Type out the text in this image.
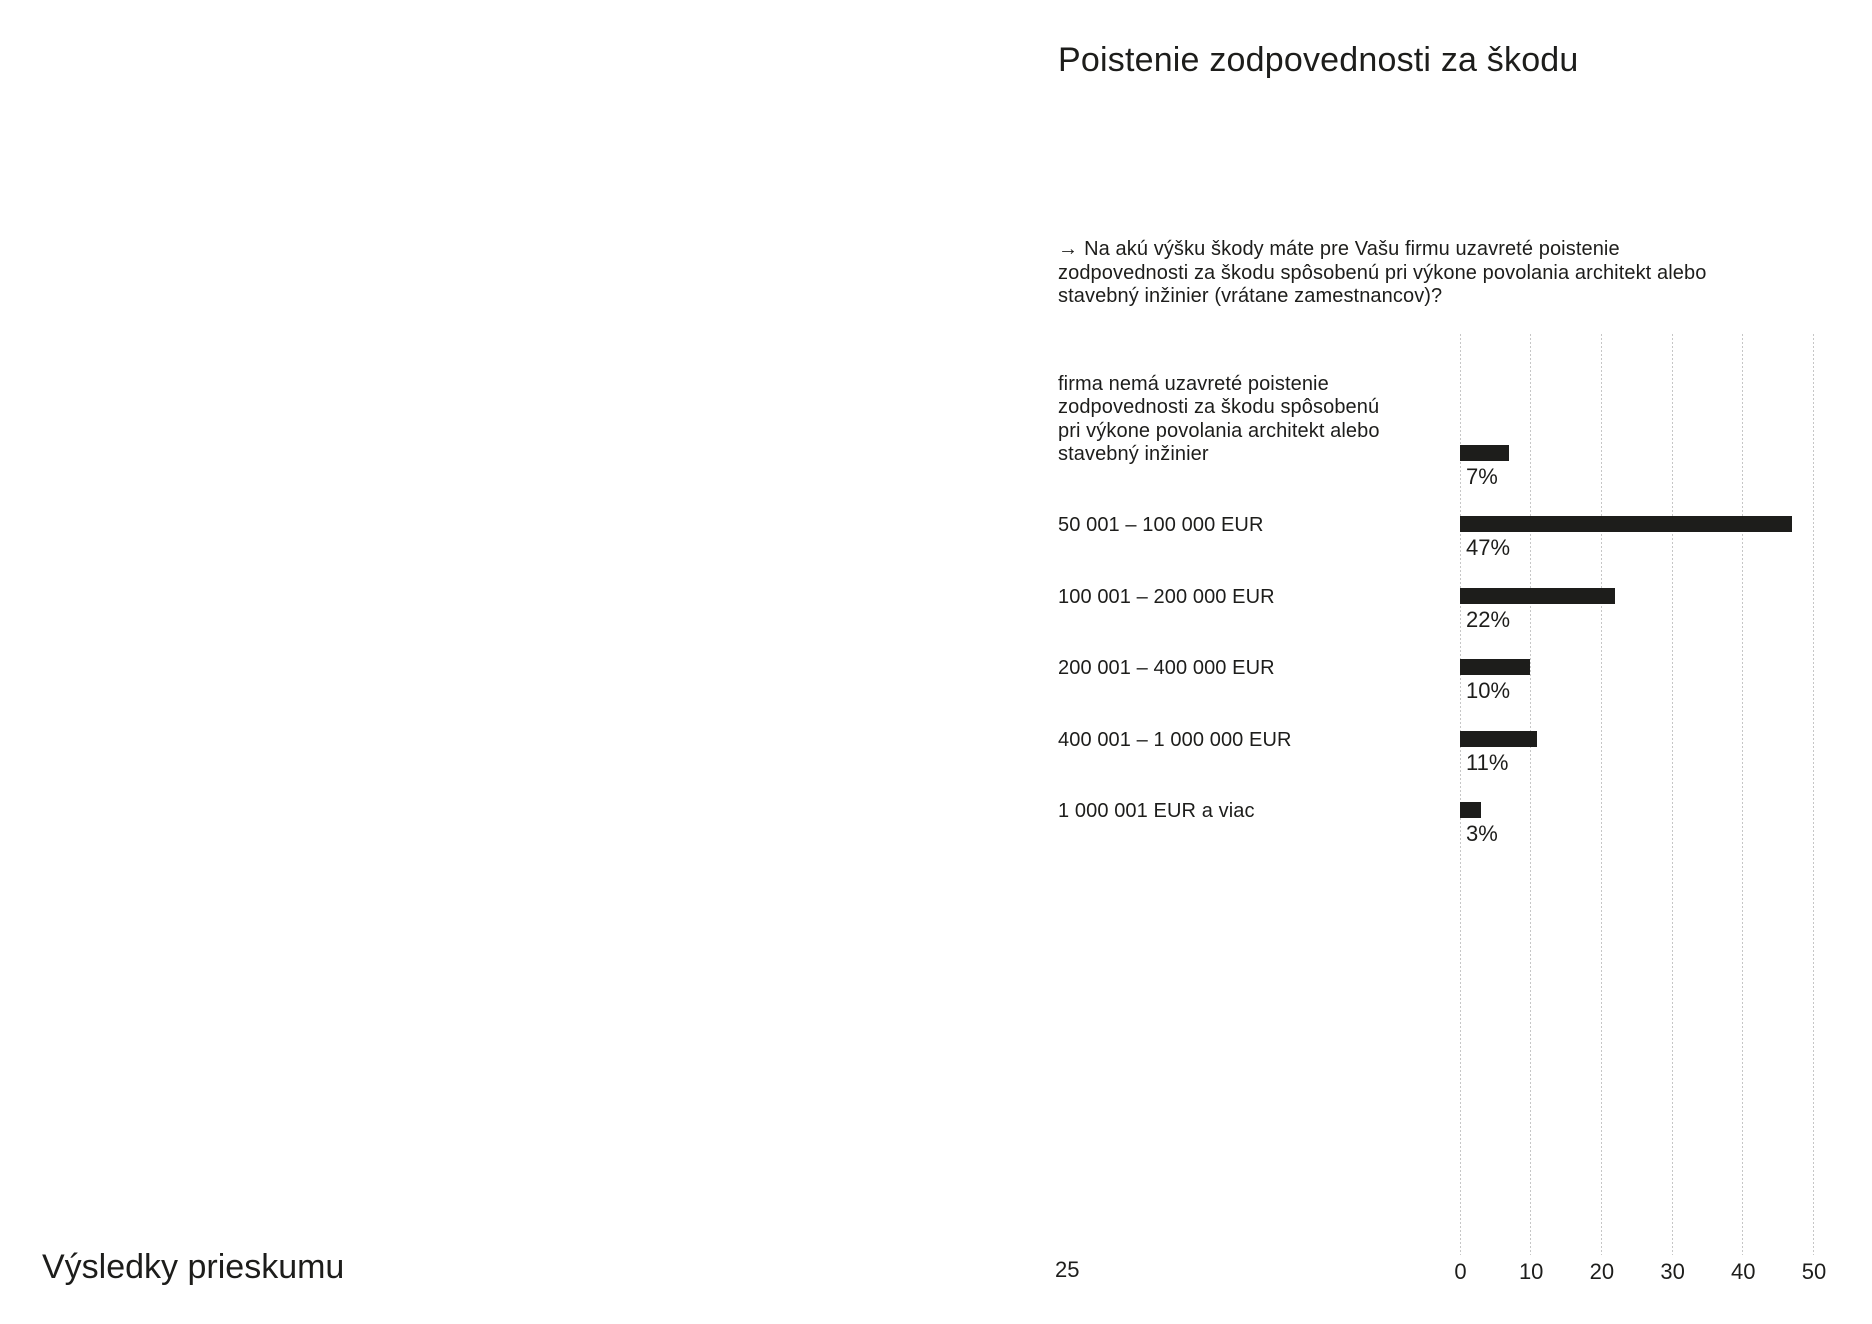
Poistenie zodpovednosti za škodu

→ Na akú výšku škody máte pre Vašu firmu uzavreté poistenie zodpovednosti za škodu spôsobenú pri výkone povolania architekt alebo stavebný inžinier (vrátane zamestnancov)?

0 10 20 30 40 50
firma nemá uzavreté poistenie
zodpovednosti za škodu spôsobenú
pri výkone povolania architekt alebo
stavebný inžinier
7%
50 001 – 100 000 EUR
47%
100 001 – 200 000 EUR
22%
200 001 – 400 000 EUR
10%
400 001 – 1 000 000 EUR
11%
1 000 001 EUR a viac
3%

Výsledky prieskumu	25
